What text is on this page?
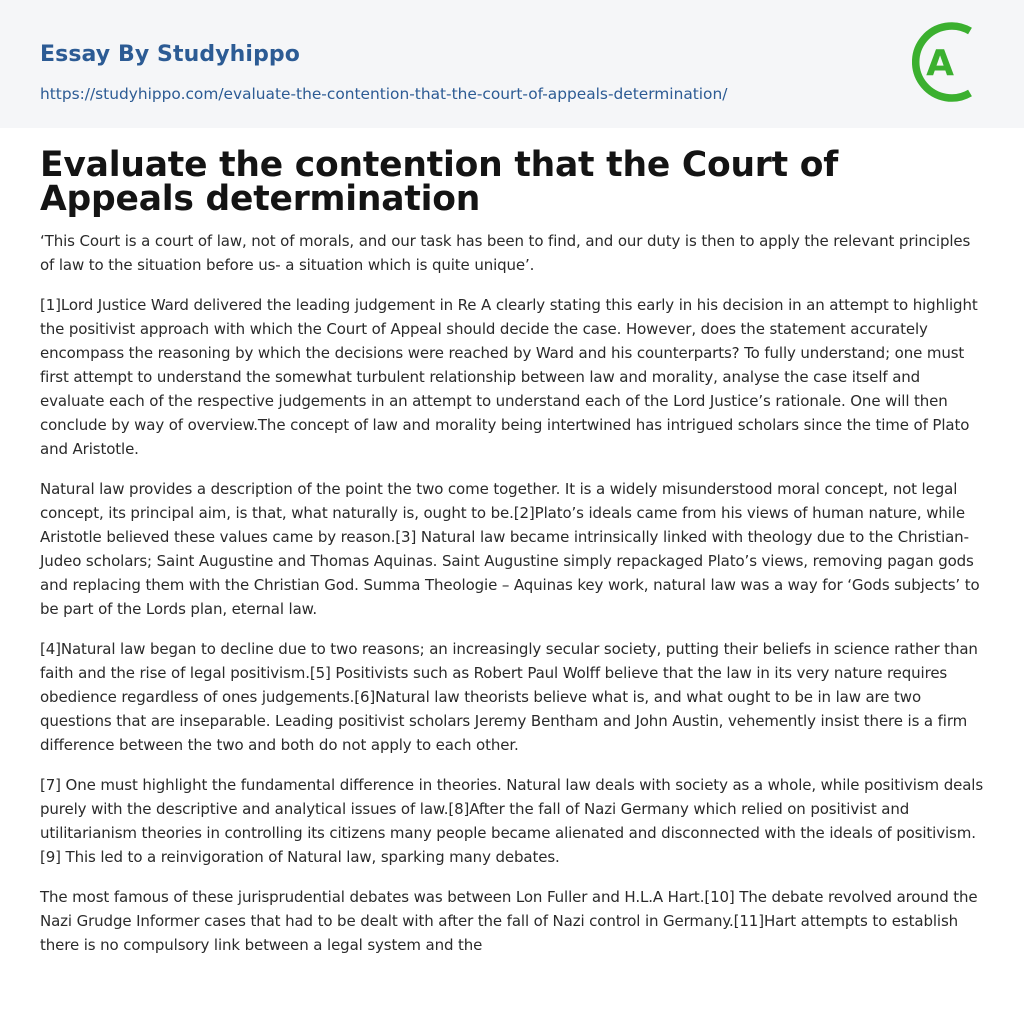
Essay By Studyhippo
https://studyhippo.com/evaluate-the-contention-that-the-court-of-appeals-determination/
A
Evaluate the contention that the Court of Appeals determination

‘This Court is a court of law, not of morals, and our task has been to find, and our duty is then to apply the relevant principles of law to the situation before us- a situation which is quite unique’.

[1]Lord Justice Ward delivered the leading judgement in Re A clearly stating this early in his decision in an attempt to highlight the positivist approach with which the Court of Appeal should decide the case. However, does the statement accurately encompass the reasoning by which the decisions were reached by Ward and his counterparts? To fully understand; one must first attempt to understand the somewhat turbulent relationship between law and morality, analyse the case itself and evaluate each of the respective judgements in an attempt to understand each of the Lord Justice’s rationale. One will then conclude by way of overview.The concept of law and morality being intertwined has intrigued scholars since the time of Plato and Aristotle.

Natural law provides a description of the point the two come together. It is a widely misunderstood moral concept, not legal concept, its principal aim, is that, what naturally is, ought to be.[2]Plato’s ideals came from his views of human nature, while Aristotle believed these values came by reason.[3] Natural law became intrinsically linked with theology due to the Christian- Judeo scholars; Saint Augustine and Thomas Aquinas. Saint Augustine simply repackaged Plato’s views, removing pagan gods and replacing them with the Christian God. Summa Theologie – Aquinas key work, natural law was a way for ‘Gods subjects’ to be part of the Lords plan, eternal law.

[4]Natural law began to decline due to two reasons; an increasingly secular society, putting their beliefs in science rather than faith and the rise of legal positivism.[5] Positivists such as Robert Paul Wolff believe that the law in its very nature requires obedience regardless of ones judgements.[6]Natural law theorists believe what is, and what ought to be in law are two questions that are inseparable. Leading positivist scholars Jeremy Bentham and John Austin, vehemently insist there is a firm difference between the two and both do not apply to each other.

[7] One must highlight the fundamental difference in theories. Natural law deals with society as a whole, while positivism deals purely with the descriptive and analytical issues of law.[8]After the fall of Nazi Germany which relied on positivist and utilitarianism theories in controlling its citizens many people became alienated and disconnected with the ideals of positivism.[9] This led to a reinvigoration of Natural law, sparking many debates.

The most famous of these jurisprudential debates was between Lon Fuller and H.L.A Hart.[10] The debate revolved around the Nazi Grudge Informer cases that had to be dealt with after the fall of Nazi control in Germany.[11]Hart attempts to establish there is no compulsory link between a legal system and the
